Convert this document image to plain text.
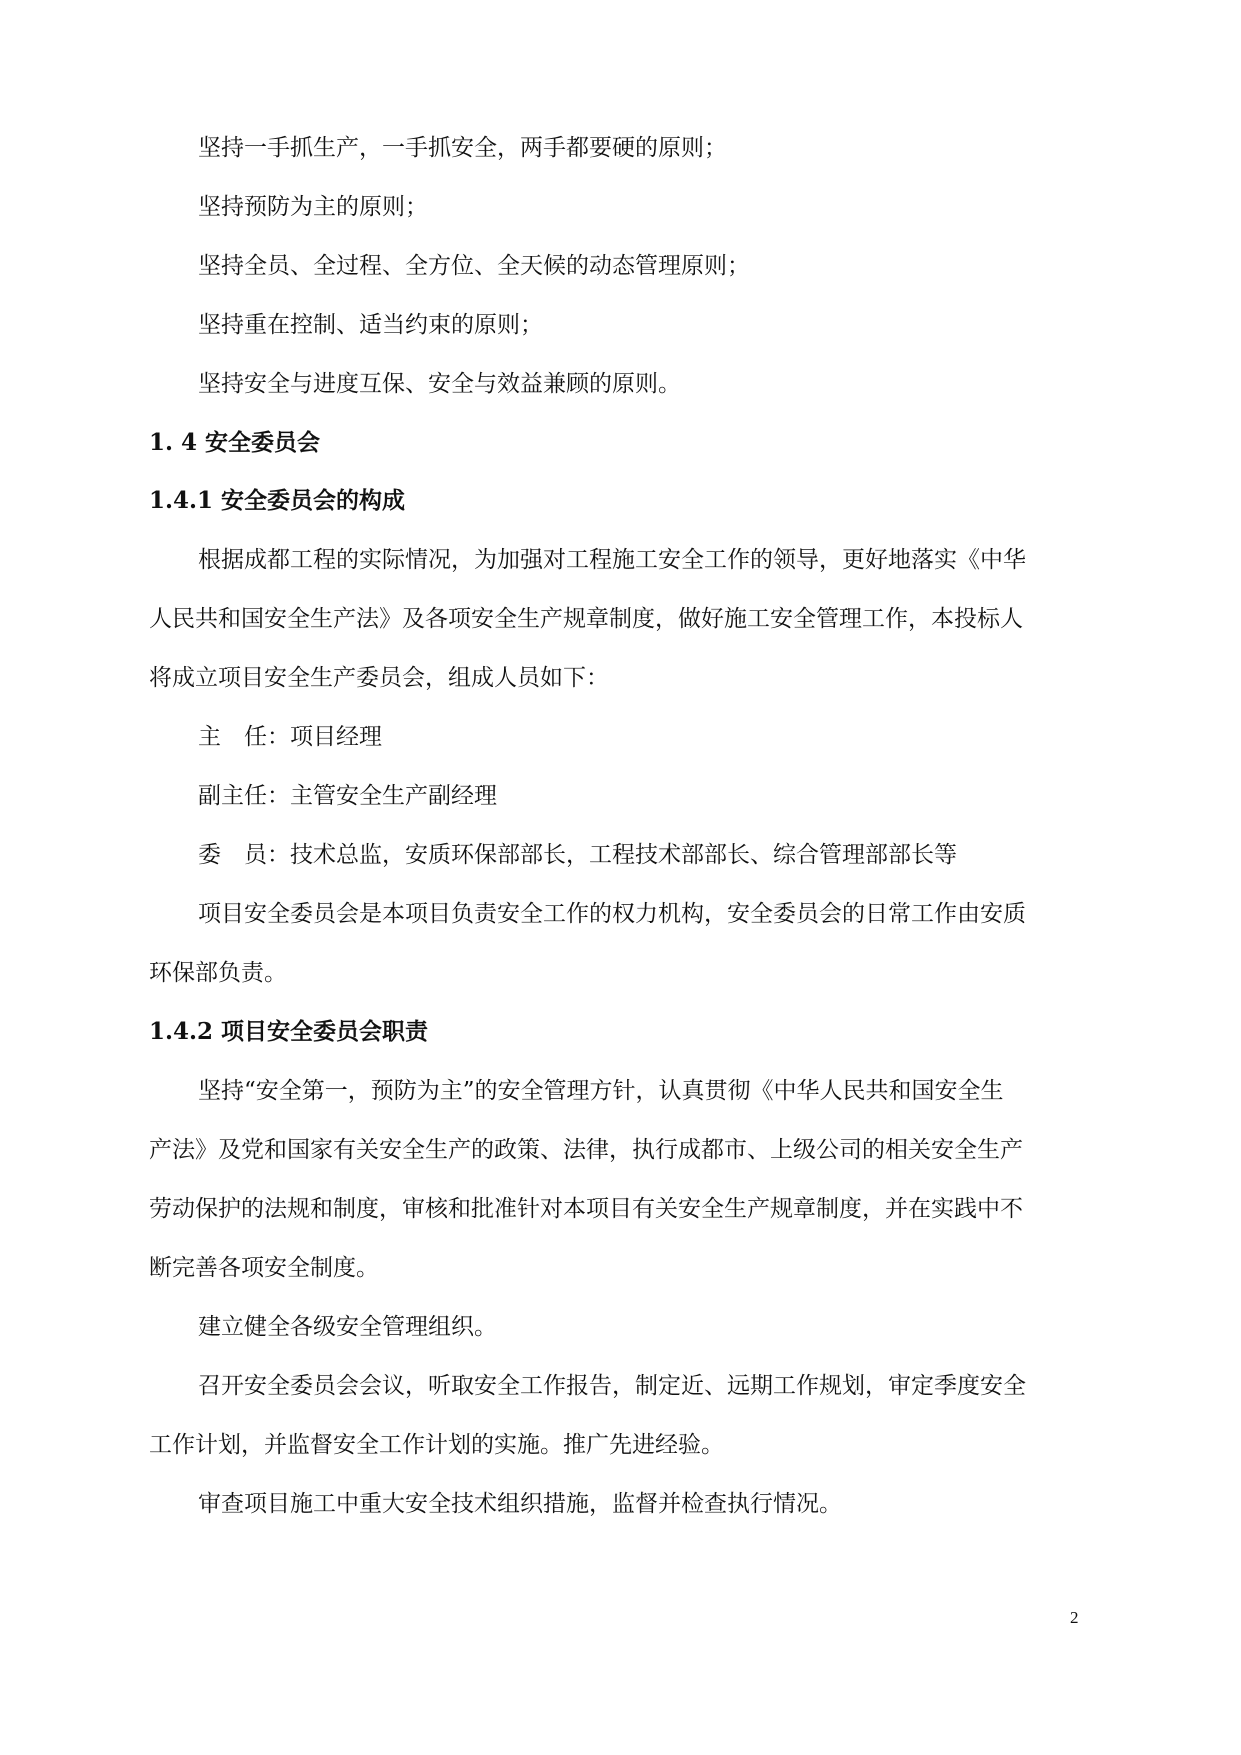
坚持一手抓生产，一手抓安全，两手都要硬的原则；
坚持预防为主的原则；
坚持全员、全过程、全方位、全天候的动态管理原则；
坚持重在控制、适当约束的原则；
坚持安全与进度互保、安全与效益兼顾的原则。
1. 4 安全委员会
1.4.1 安全委员会的构成
根据成都工程的实际情况，为加强对工程施工安全工作的领导，更好地落实《中华
人民共和国安全生产法》及各项安全生产规章制度，做好施工安全管理工作，本投标人
将成立项目安全生产委员会，组成人员如下：
主　任：项目经理
副主任：主管安全生产副经理
委　员：技术总监，安质环保部部长，工程技术部部长、综合管理部部长等
项目安全委员会是本项目负责安全工作的权力机构，安全委员会的日常工作由安质
环保部负责。
1.4.2 项目安全委员会职责
坚持“安全第一，预防为主”的安全管理方针，认真贯彻《中华人民共和国安全生
产法》及党和国家有关安全生产的政策、法律，执行成都市、上级公司的相关安全生产
劳动保护的法规和制度，审核和批准针对本项目有关安全生产规章制度，并在实践中不
断完善各项安全制度。
建立健全各级安全管理组织。
召开安全委员会会议，听取安全工作报告，制定近、远期工作规划，审定季度安全
工作计划，并监督安全工作计划的实施。推广先进经验。
审查项目施工中重大安全技术组织措施，监督并检查执行情况。
2
